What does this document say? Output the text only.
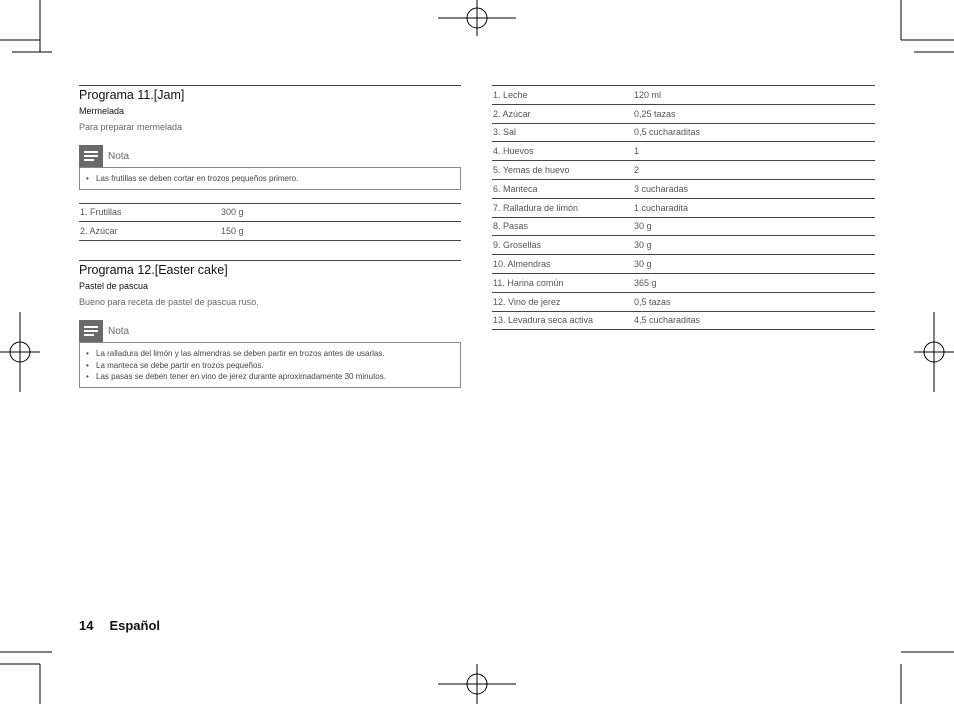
Programa 11.[Jam]
Mermelada
Para preparar mermelada
Nota
• Las frutillas se deben cortar en trozos pequeños primero.
1. Frutillas	300 g
2. Azúcar	150 g
Programa 12.[Easter cake]
Pastel de pascua
Bueno para receta de pastel de pascua ruso.
Nota
• La ralladura del limón y las almendras se deben partir en trozos antes de usarlas.
• La manteca se debe partir en trozos pequeños.
• Las pasas se deben tener en vino de jerez durante aproximadamente 30 minutos.
1. Leche	120 ml
2. Azúcar	0,25 tazas
3. Sal	0,5 cucharaditas
4. Huevos	1
5. Yemas de huevo	2
6. Manteca	3 cucharadas
7. Ralladura de limón	1 cucharadita
8. Pasas	30 g
9. Grosellas	30 g
10. Almendras	30 g
11. Harina común	365 g
12. Vino de jerez	0,5 tazas
13. Levadura seca activa	4,5 cucharaditas
14 Español
